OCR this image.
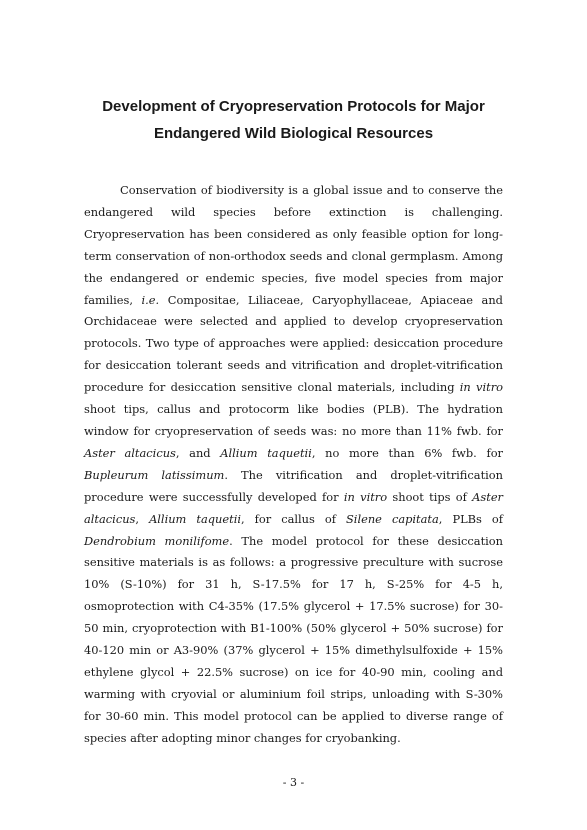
Development of Cryopreservation Protocols for Major
Endangered Wild Biological Resources

Conservation of biodiversity is a global issue and to conserve the endangered wild species before extinction is challenging. Cryopreservation has been considered as only feasible option for long-term conservation of non-orthodox seeds and clonal germplasm. Among the endangered or endemic species, five model species from major families, i.e. Compositae, Liliaceae, Caryophyllaceae, Apiaceae and Orchidaceae were selected and applied to develop cryopreservation protocols. Two type of approaches were applied: desiccation procedure for desiccation tolerant seeds and vitrification and droplet-vitrification procedure for desiccation sensitive clonal materials, including in vitro shoot tips, callus and protocorm like bodies (PLB). The hydration window for cryopreservation of seeds was: no more than 11% fwb. for Aster altacicus, and Allium taquetii, no more than 6% fwb. for Bupleurum latissimum. The vitrification and droplet-vitrification procedure were successfully developed for in vitro shoot tips of Aster altacicus, Allium taquetii, for callus of Silene capitata, PLBs of Dendrobium monilifome. The model protocol for these desiccation sensitive materials is as follows: a progressive preculture with sucrose 10% (S-10%) for 31 h, S-17.5% for 17 h, S-25% for 4-5 h, osmoprotection with C4-35% (17.5% glycerol + 17.5% sucrose) for 30-50 min, cryoprotection with B1-100% (50% glycerol + 50% sucrose) for 40-120 min or A3-90% (37% glycerol + 15% dimethylsulfoxide + 15% ethylene glycol + 22.5% sucrose) on ice for 40-90 min, cooling and warming with cryovial or aluminium foil strips, unloading with S-30% for 30-60 min. This model protocol can be applied to diverse range of species after adopting minor changes for cryobanking.

- 3 -
